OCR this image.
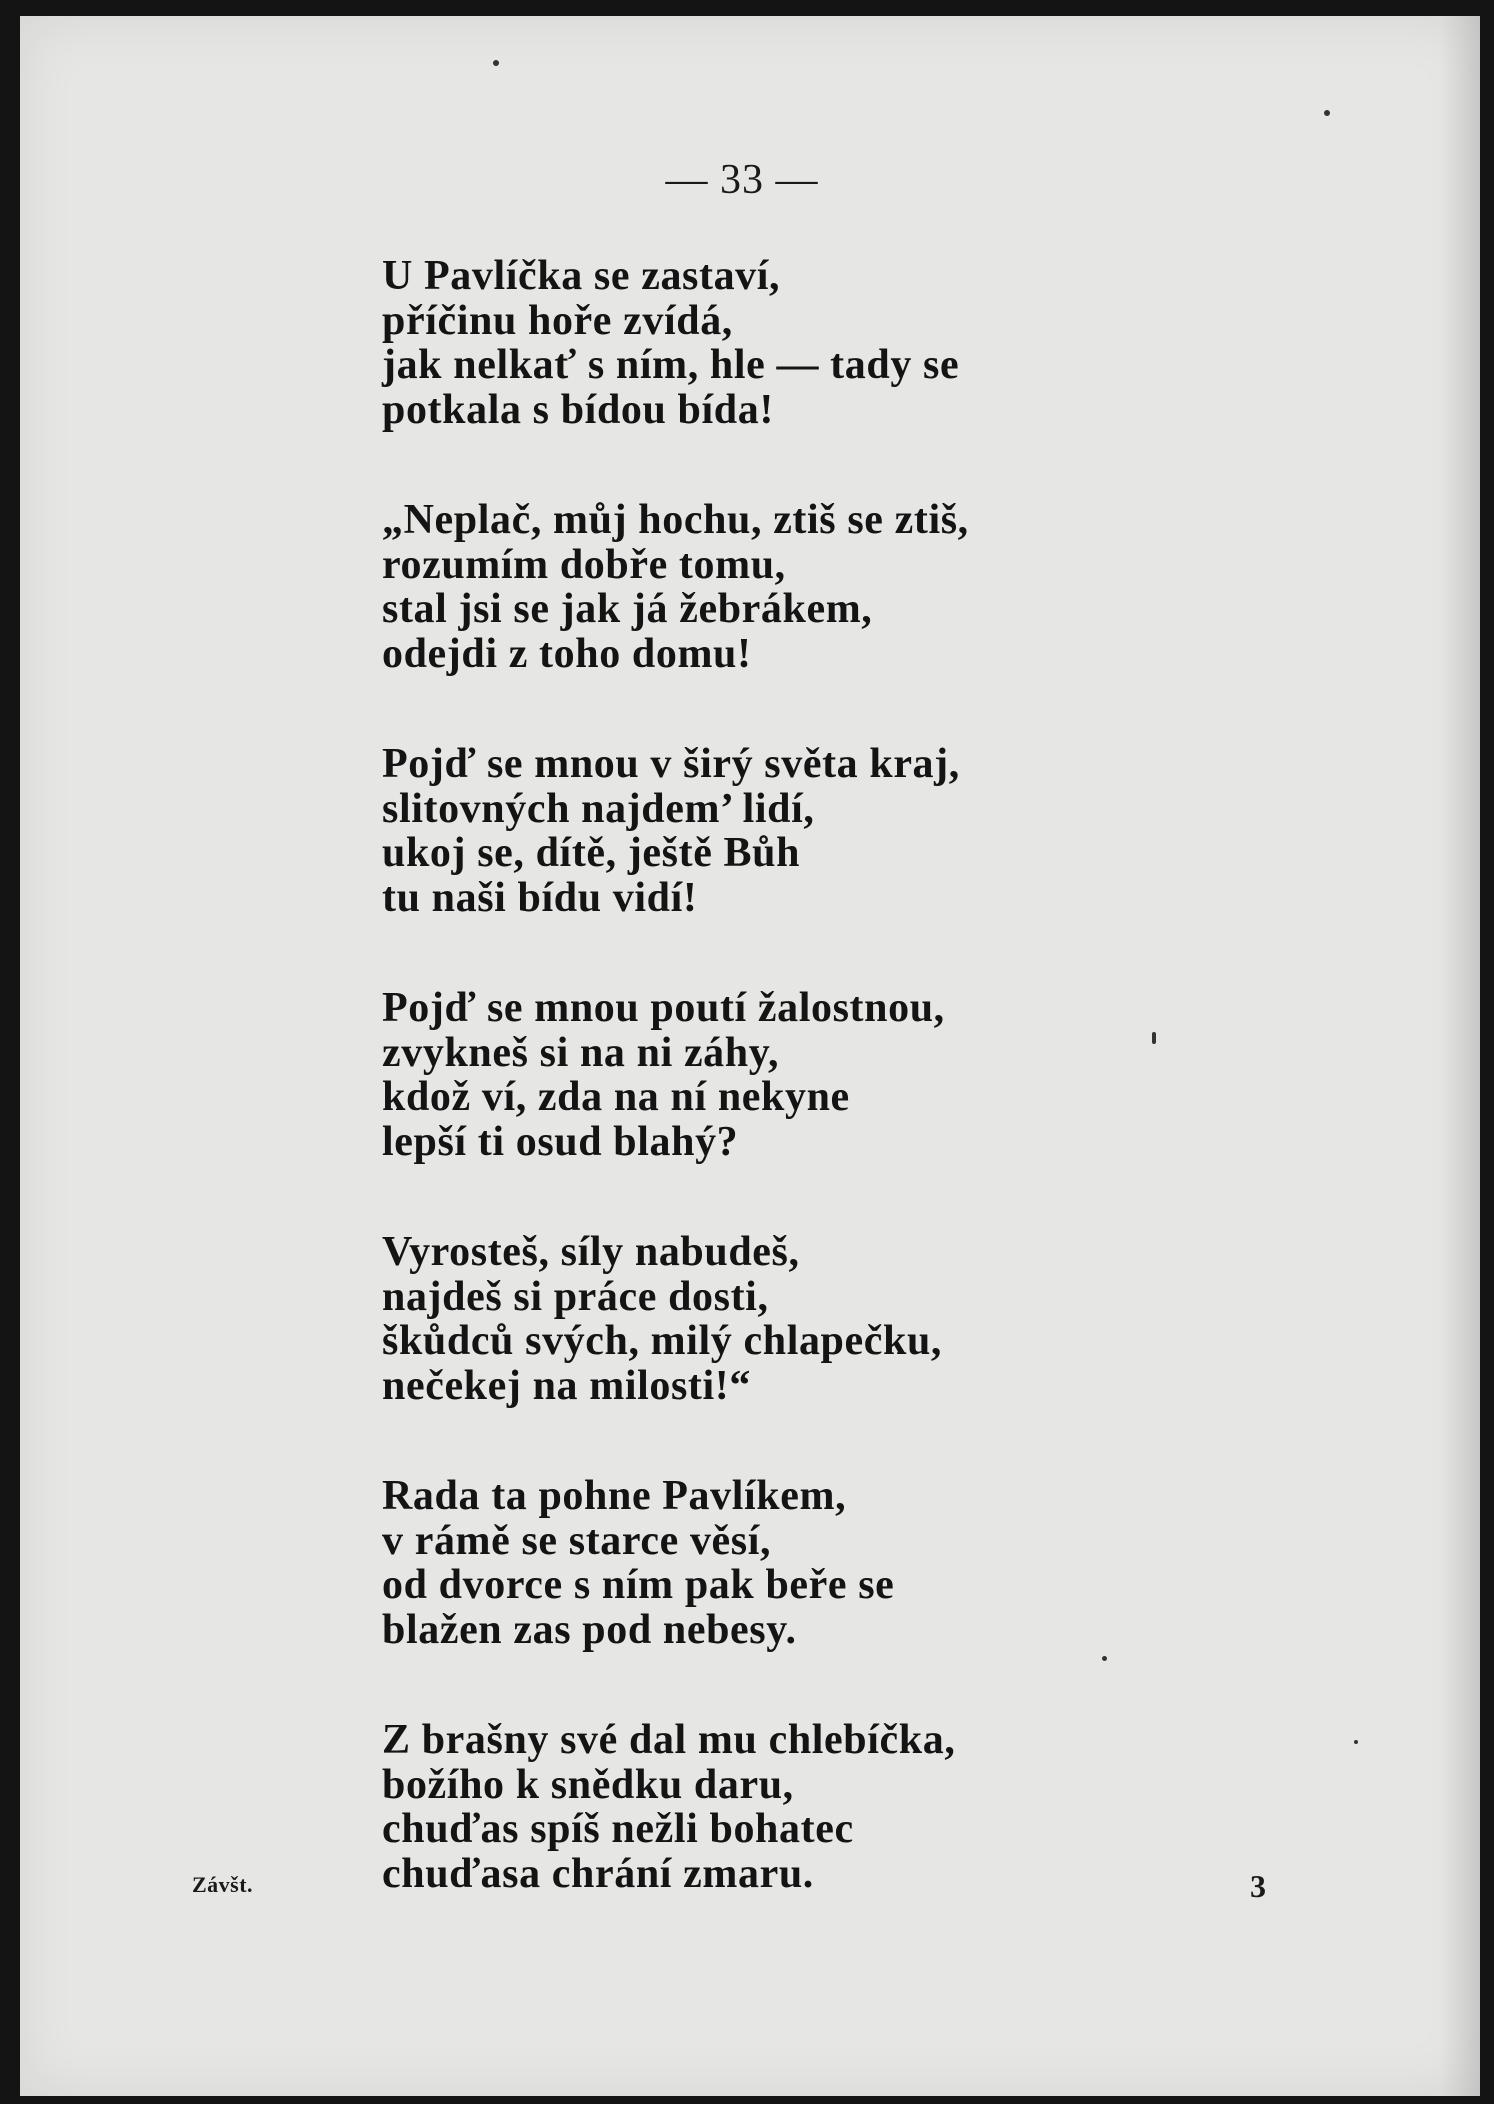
— 33 —
U Pavlíčka se zastaví,
příčinu hoře zvídá,
jak nelkať s ním, hle — tady se
potkala s bídou bída!
„Neplač, můj hochu, ztiš se ztiš,
rozumím dobře tomu,
stal jsi se jak já žebrákem,
odejdi z toho domu!
Pojď se mnou v širý světa kraj,
slitovných najdem’ lidí,
ukoj se, dítě, ještě Bůh
tu naši bídu vidí!
Pojď se mnou poutí žalostnou,
zvykneš si na ni záhy,
kdož ví, zda na ní nekyne
lepší ti osud blahý?
Vyrosteš, síly nabudeš,
najdeš si práce dosti,
škůdců svých, milý chlapečku,
nečekej na milosti!“
Rada ta pohne Pavlíkem,
v rámě se starce věsí,
od dvorce s ním pak beře se
blažen zas pod nebesy.
Z brašny své dal mu chlebíčka,
božího k snědku daru,
chuďas spíš nežli bohatec
chuďasa chrání zmaru.
Závšt.	3
